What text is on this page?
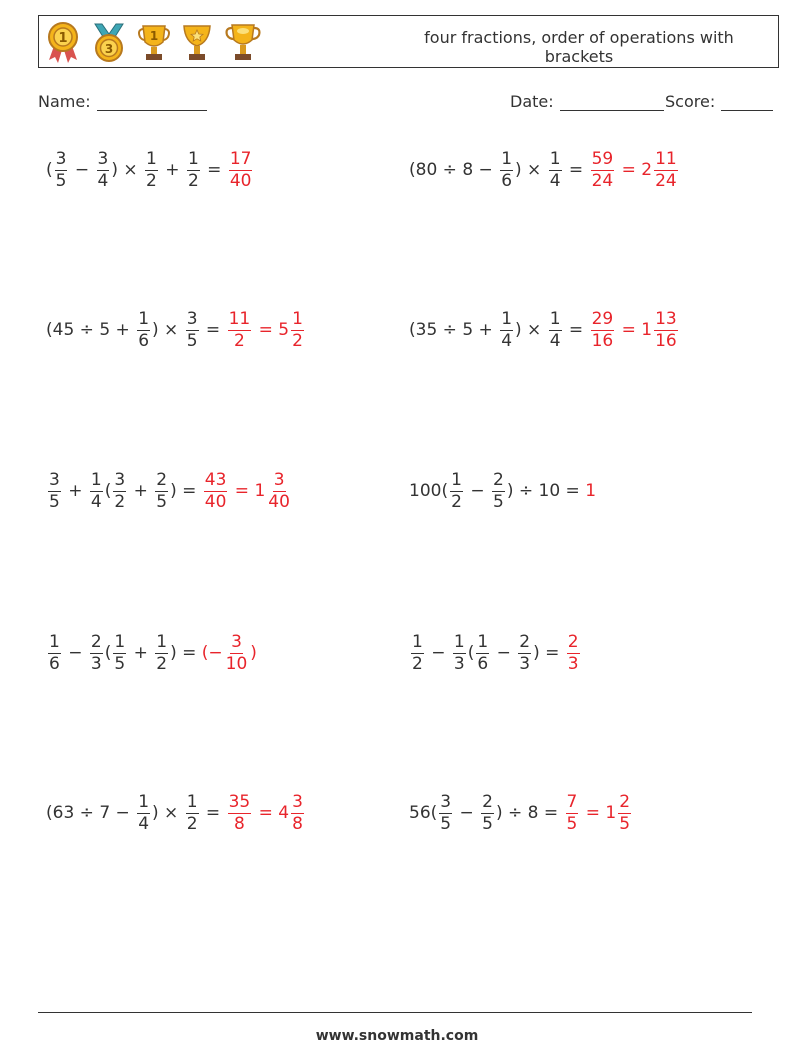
1
3
1	four fractions, order of operations with
brackets
Name:	Date:	Score:
( $\frac{3}{5} - \frac{3}{4}$ ) × $\frac{1}{2} + \frac{1}{2} = \frac{17}{40}$	($80 \div 8 - \frac{1}{6}$ ) × $\frac{1}{4} = \frac{59}{24} = 2 \frac{11}{24}$
($45 \div 5 + \frac{1}{6}$ ) × $\frac{3}{5} = \frac{11}{2} = 5 \frac{1}{2}$	($35 \div 5 + \frac{1}{4}$ ) × $\frac{1}{4} = \frac{29}{16} = 1 \frac{13}{16}$
$\frac{3}{5} + \frac{1}{4}$ ( $\frac{3}{2} + \frac{2}{5}$ ) = $\frac{43}{40} = 1 \frac{3}{40}$	$100( \frac{1}{2} - \frac{2}{5}$ ) ÷ 10 = 1
$\frac{1}{6} - \frac{2}{3}$ ( $\frac{1}{5} + \frac{1}{2}$ ) = (− $\frac{3}{10}$ )	$\frac{1}{2} - \frac{1}{3}$ ( $\frac{1}{6} - \frac{2}{3}$ ) = $\frac{2}{3}$
($63 \div 7 - \frac{1}{4}$ ) × $\frac{1}{2} = \frac{35}{8} = 4 \frac{3}{8}$	$56( \frac{3}{5} - \frac{2}{5}$ ) ÷ $8 = \frac{7}{5} = 1 \frac{2}{5}$
www.snowmath.com
